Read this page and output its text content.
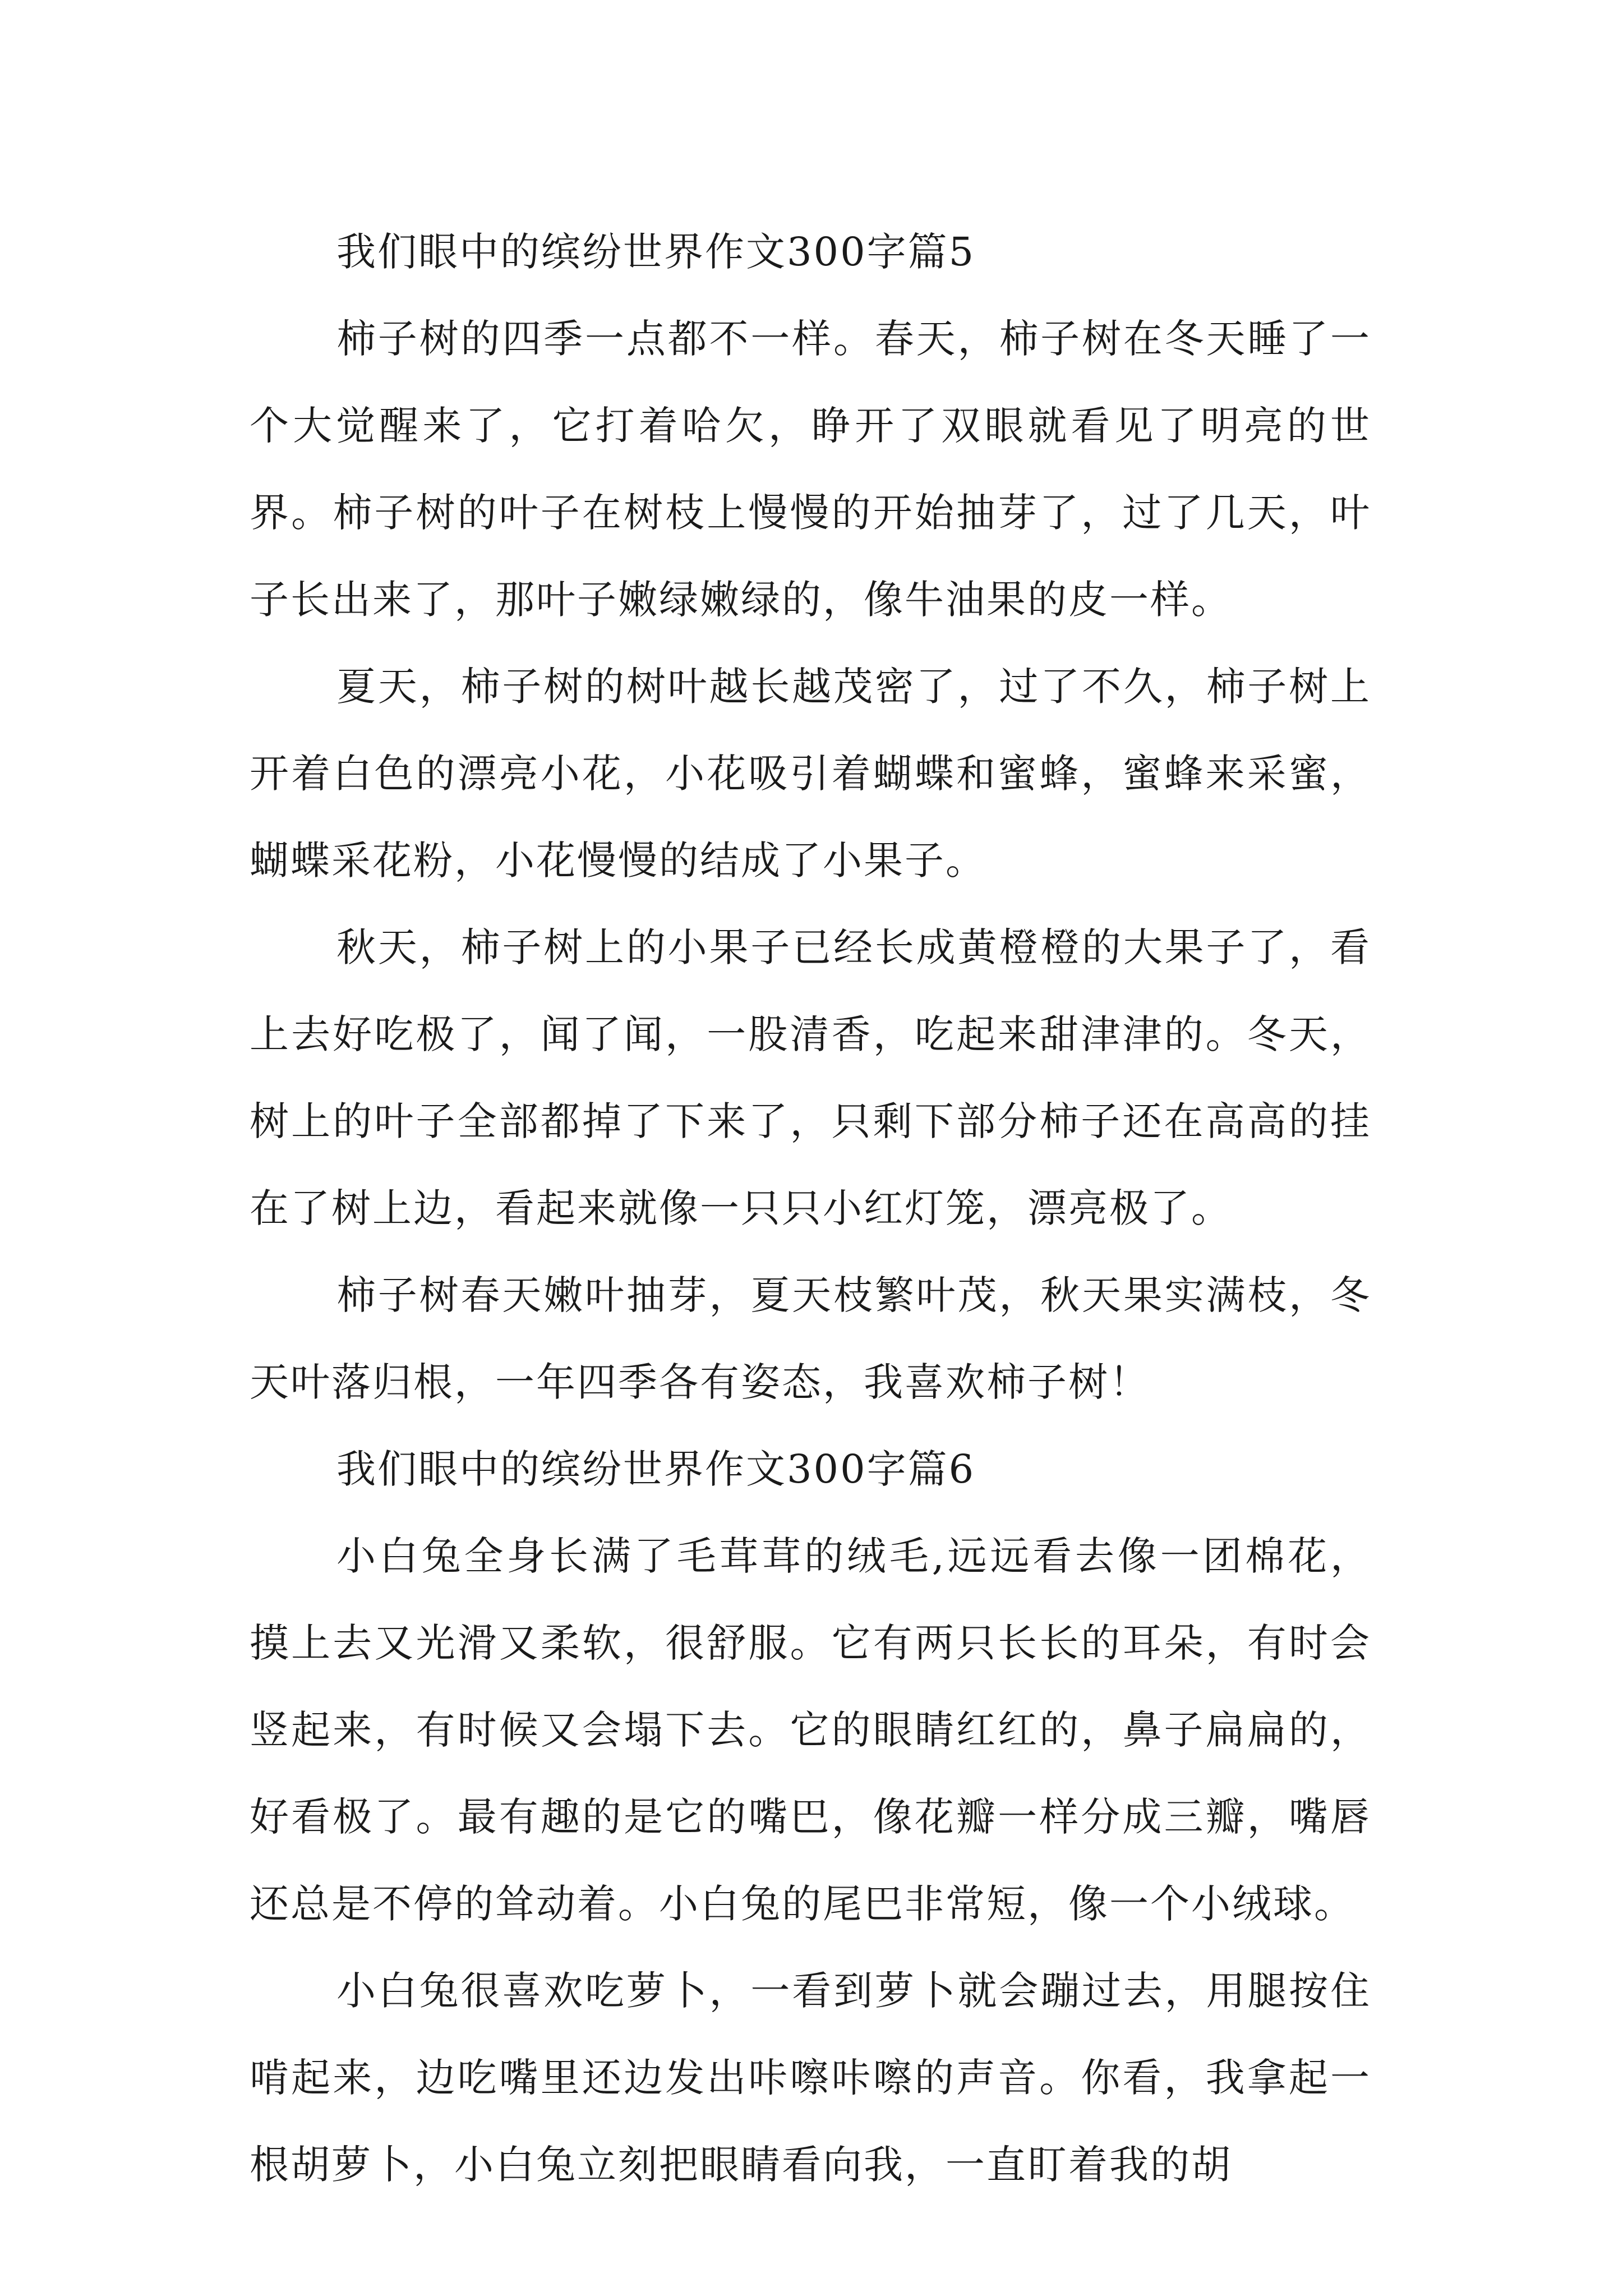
我们眼中的缤纷世界作文300字篇5

柿子树的四季一点都不一样。春天，柿子树在冬天睡了一个大觉醒来了，它打着哈欠，睁开了双眼就看见了明亮的世界。柿子树的叶子在树枝上慢慢的开始抽芽了，过了几天，叶子长出来了，那叶子嫩绿嫩绿的，像牛油果的皮一样。

夏天，柿子树的树叶越长越茂密了，过了不久，柿子树上开着白色的漂亮小花，小花吸引着蝴蝶和蜜蜂，蜜蜂来采蜜，蝴蝶采花粉，小花慢慢的结成了小果子。

秋天，柿子树上的小果子已经长成黄橙橙的大果子了，看上去好吃极了，闻了闻，一股清香，吃起来甜津津的。冬天，树上的叶子全部都掉了下来了，只剩下部分柿子还在高高的挂在了树上边，看起来就像一只只小红灯笼，漂亮极了。

柿子树春天嫩叶抽芽，夏天枝繁叶茂，秋天果实满枝，冬天叶落归根，一年四季各有姿态，我喜欢柿子树！

我们眼中的缤纷世界作文300字篇6

小白兔全身长满了毛茸茸的绒毛,远远看去像一团棉花，摸上去又光滑又柔软，很舒服。它有两只长长的耳朵，有时会竖起来，有时候又会塌下去。它的眼睛红红的，鼻子扁扁的，好看极了。最有趣的是它的嘴巴，像花瓣一样分成三瓣，嘴唇还总是不停的耸动着。小白兔的尾巴非常短，像一个小绒球。

小白兔很喜欢吃萝卜，一看到萝卜就会蹦过去，用腿按住啃起来，边吃嘴里还边发出咔嚓咔嚓的声音。你看，我拿起一根胡萝卜，小白兔立刻把眼睛看向我，一直盯着我的胡
